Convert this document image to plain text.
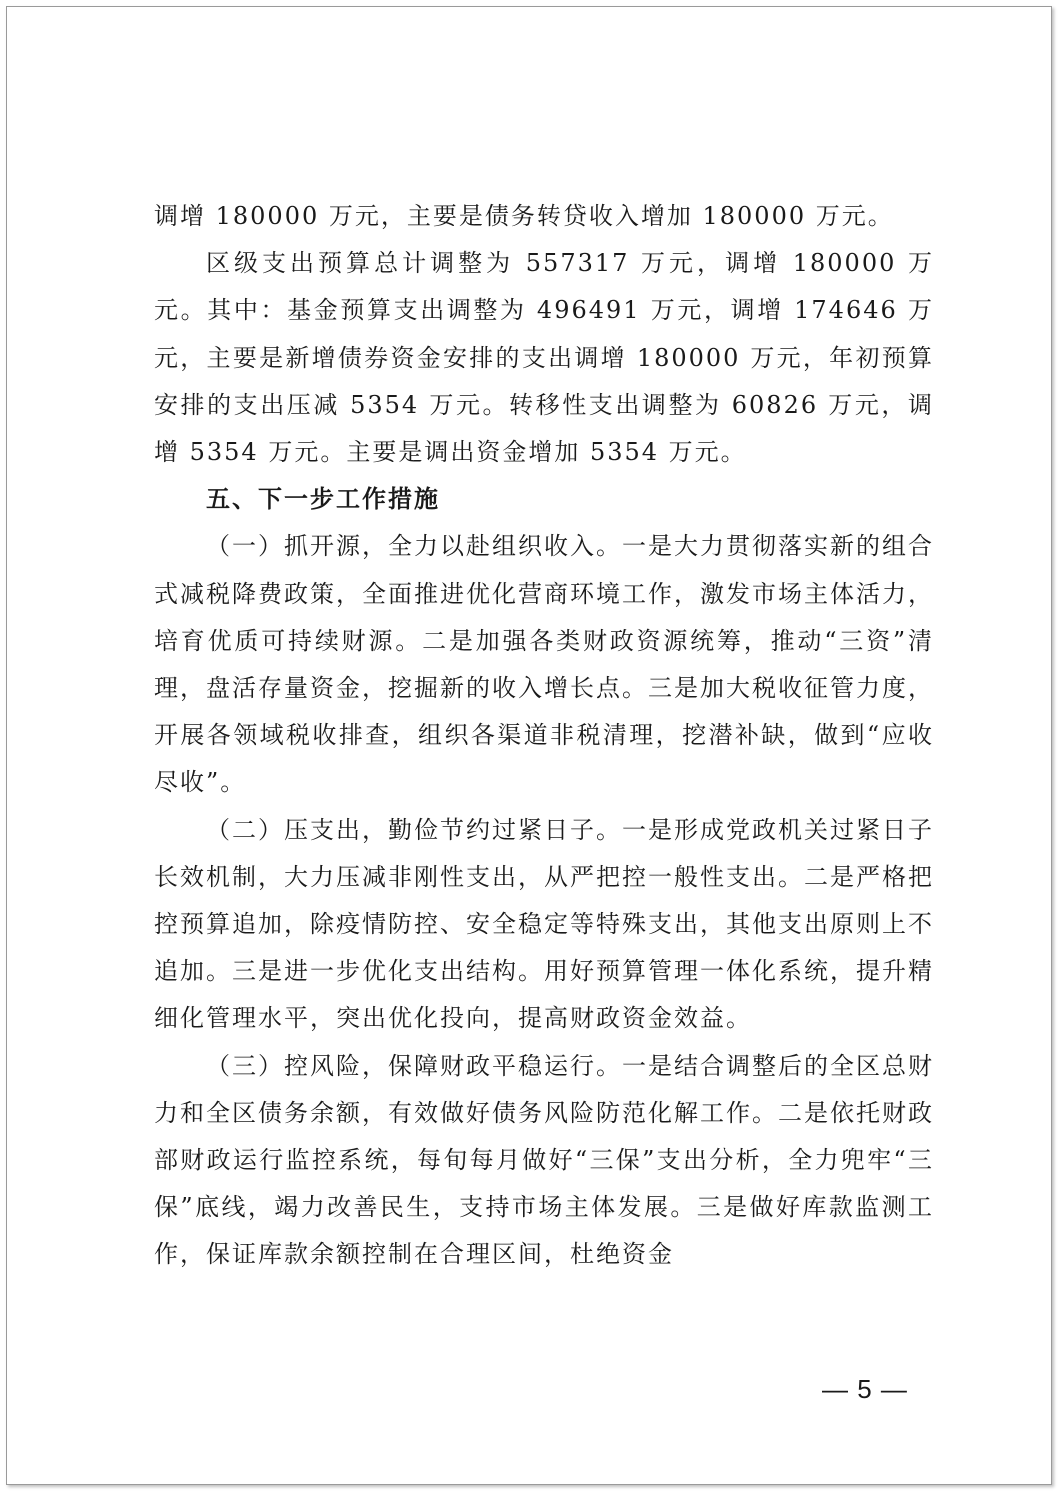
调增 180000 万元，主要是债务转贷收入增加 180000 万元。

区级支出预算总计调整为 557317 万元，调增 180000 万元。其中：基金预算支出调整为 496491 万元，调增 174646 万元，主要是新增债券资金安排的支出调增 180000 万元，年初预算安排的支出压减 5354 万元。转移性支出调整为 60826 万元，调增 5354 万元。主要是调出资金增加 5354 万元。

五、下一步工作措施

（一）抓开源，全力以赴组织收入。一是大力贯彻落实新的组合式减税降费政策，全面推进优化营商环境工作，激发市场主体活力，培育优质可持续财源。二是加强各类财政资源统筹，推动“三资”清理，盘活存量资金，挖掘新的收入增长点。三是加大税收征管力度，开展各领域税收排查，组织各渠道非税清理，挖潜补缺，做到“应收尽收”。

（二）压支出，勤俭节约过紧日子。一是形成党政机关过紧日子长效机制，大力压减非刚性支出，从严把控一般性支出。二是严格把控预算追加，除疫情防控、安全稳定等特殊支出，其他支出原则上不追加。三是进一步优化支出结构。用好预算管理一体化系统，提升精细化管理水平，突出优化投向，提高财政资金效益。

（三）控风险，保障财政平稳运行。一是结合调整后的全区总财力和全区债务余额，有效做好债务风险防范化解工作。二是依托财政部财政运行监控系统，每旬每月做好“三保”支出分析，全力兜牢“三保”底线，竭力改善民生，支持市场主体发展。三是做好库款监测工作，保证库款余额控制在合理区间，杜绝资金

— 5 —
